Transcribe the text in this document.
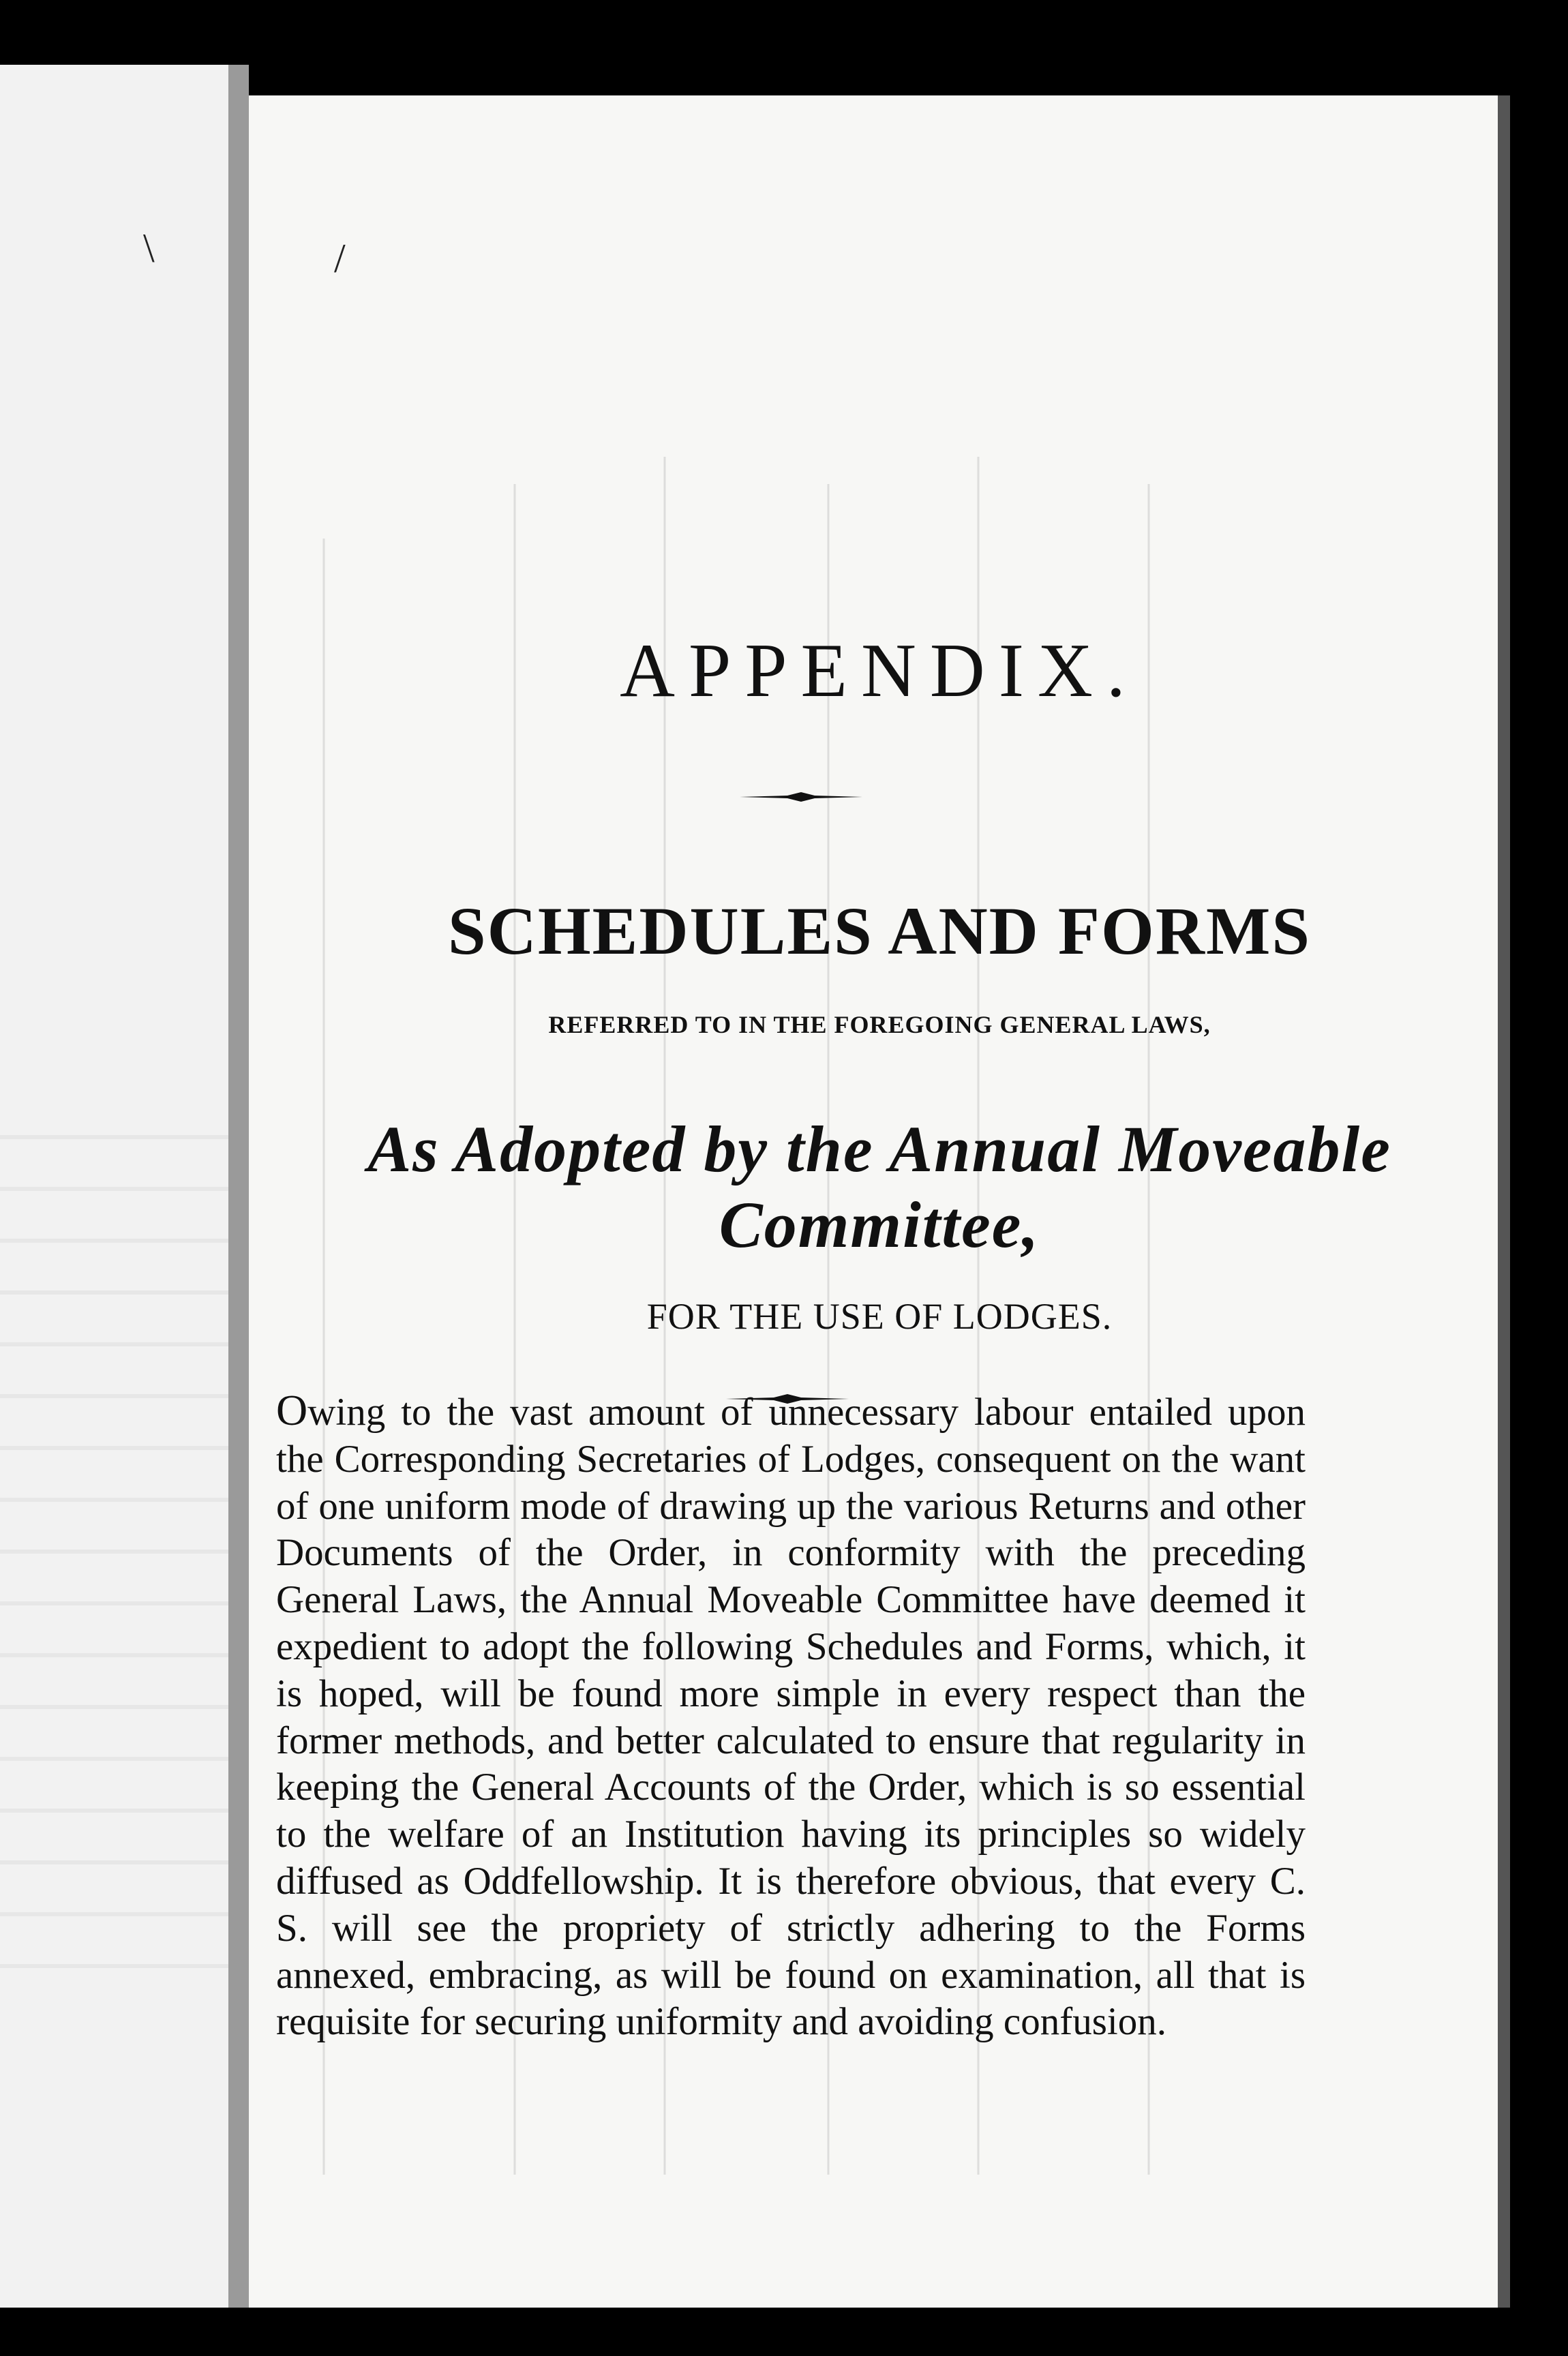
\	/
APPENDIX.
SCHEDULES AND FORMS
REFERRED TO IN THE FOREGOING GENERAL LAWS,
As Adopted by the Annual Moveable Committee,
FOR THE USE OF LODGES.

Owing to the vast amount of unnecessary labour entailed upon the Corresponding Secretaries of Lodges, consequent on the want of one uniform mode of drawing up the various Returns and other Documents of the Order, in conformity with the preceding General Laws, the Annual Moveable Committee have deemed it expedient to adopt the following Schedules and Forms, which, it is hoped, will be found more simple in every respect than the former methods, and better calculated to ensure that regularity in keeping the General Accounts of the Order, which is so essential to the welfare of an Institution having its principles so widely diffused as Oddfellowship. It is therefore obvious, that every C. S. will see the propriety of strictly adhering to the Forms annexed, embracing, as will be found on examination, all that is requisite for securing uniformity and avoiding confusion.
